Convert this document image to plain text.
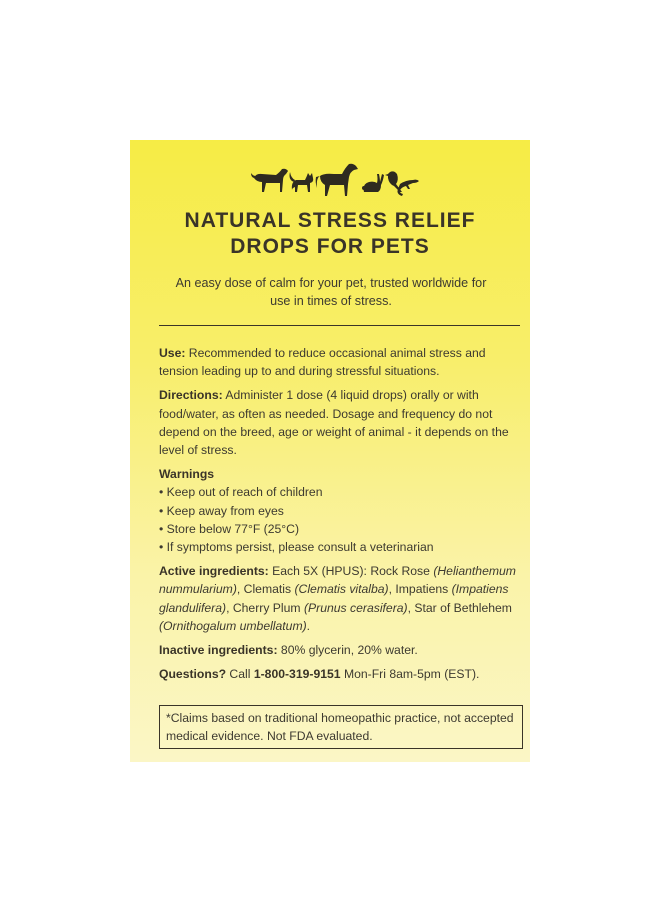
NATURAL STRESS RELIEF
DROPS FOR PETS
An easy dose of calm for your pet, trusted worldwide for use in times of stress.

Use: Recommended to reduce occasional animal stress and tension leading up to and during stressful situations.

Directions: Administer 1 dose (4 liquid drops) orally or with food/water, as often as needed. Dosage and frequency do not depend on the breed, age or weight of animal - it depends on the level of stress.

Warnings
• Keep out of reach of children
• Keep away from eyes
• Store below 77°F (25°C)
• If symptoms persist, please consult a veterinarian

Active ingredients: Each 5X (HPUS): Rock Rose (Helianthemum nummularium), Clematis (Clematis vitalba), Impatiens (Impatiens glandulifera), Cherry Plum (Prunus cerasifera), Star of Bethlehem (Ornithogalum umbellatum).

Inactive ingredients: 80% glycerin, 20% water.

Questions? Call 1-800-319-9151 Mon-Fri 8am-5pm (EST).

*Claims based on traditional homeopathic practice, not accepted medical evidence. Not FDA evaluated.
